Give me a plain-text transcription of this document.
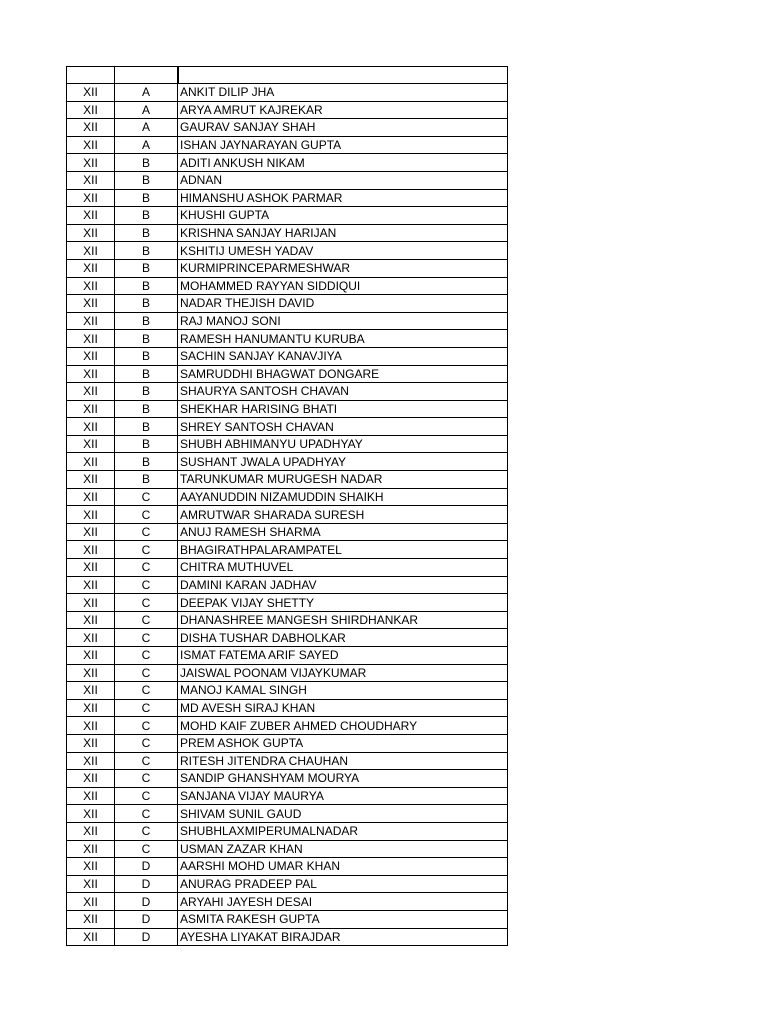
XII	A	ANKIT DILIP JHA
XII	A	ARYA AMRUT KAJREKAR
XII	A	GAURAV SANJAY SHAH
XII	A	ISHAN JAYNARAYAN GUPTA
XII	B	ADITI ANKUSH NIKAM
XII	B	ADNAN
XII	B	HIMANSHU ASHOK PARMAR
XII	B	KHUSHI GUPTA
XII	B	KRISHNA SANJAY HARIJAN
XII	B	KSHITIJ UMESH YADAV
XII	B	KURMIPRINCEPARMESHWAR
XII	B	MOHAMMED RAYYAN SIDDIQUI
XII	B	NADAR THEJISH DAVID
XII	B	RAJ MANOJ SONI
XII	B	RAMESH HANUMANTU KURUBA
XII	B	SACHIN SANJAY KANAVJIYA
XII	B	SAMRUDDHI BHAGWAT DONGARE
XII	B	SHAURYA SANTOSH CHAVAN
XII	B	SHEKHAR HARISING BHATI
XII	B	SHREY SANTOSH CHAVAN
XII	B	SHUBH ABHIMANYU UPADHYAY
XII	B	SUSHANT JWALA UPADHYAY
XII	B	TARUNKUMAR MURUGESH NADAR
XII	C	AAYANUDDIN NIZAMUDDIN SHAIKH
XII	C	AMRUTWAR SHARADA SURESH
XII	C	ANUJ RAMESH SHARMA
XII	C	BHAGIRATHPALARAMPATEL
XII	C	CHITRA MUTHUVEL
XII	C	DAMINI KARAN JADHAV
XII	C	DEEPAK VIJAY SHETTY
XII	C	DHANASHREE MANGESH SHIRDHANKAR
XII	C	DISHA TUSHAR DABHOLKAR
XII	C	ISMAT FATEMA ARIF SAYED
XII	C	JAISWAL POONAM VIJAYKUMAR
XII	C	MANOJ KAMAL SINGH
XII	C	MD AVESH SIRAJ KHAN
XII	C	MOHD KAIF ZUBER AHMED CHOUDHARY
XII	C	PREM ASHOK GUPTA
XII	C	RITESH JITENDRA CHAUHAN
XII	C	SANDIP GHANSHYAM MOURYA
XII	C	SANJANA VIJAY MAURYA
XII	C	SHIVAM SUNIL GAUD
XII	C	SHUBHLAXMIPERUMALNADAR
XII	C	USMAN ZAZAR KHAN
XII	D	AARSHI MOHD UMAR KHAN
XII	D	ANURAG PRADEEP PAL
XII	D	ARYAHI JAYESH DESAI
XII	D	ASMITA RAKESH GUPTA
XII	D	AYESHA LIYAKAT BIRAJDAR
